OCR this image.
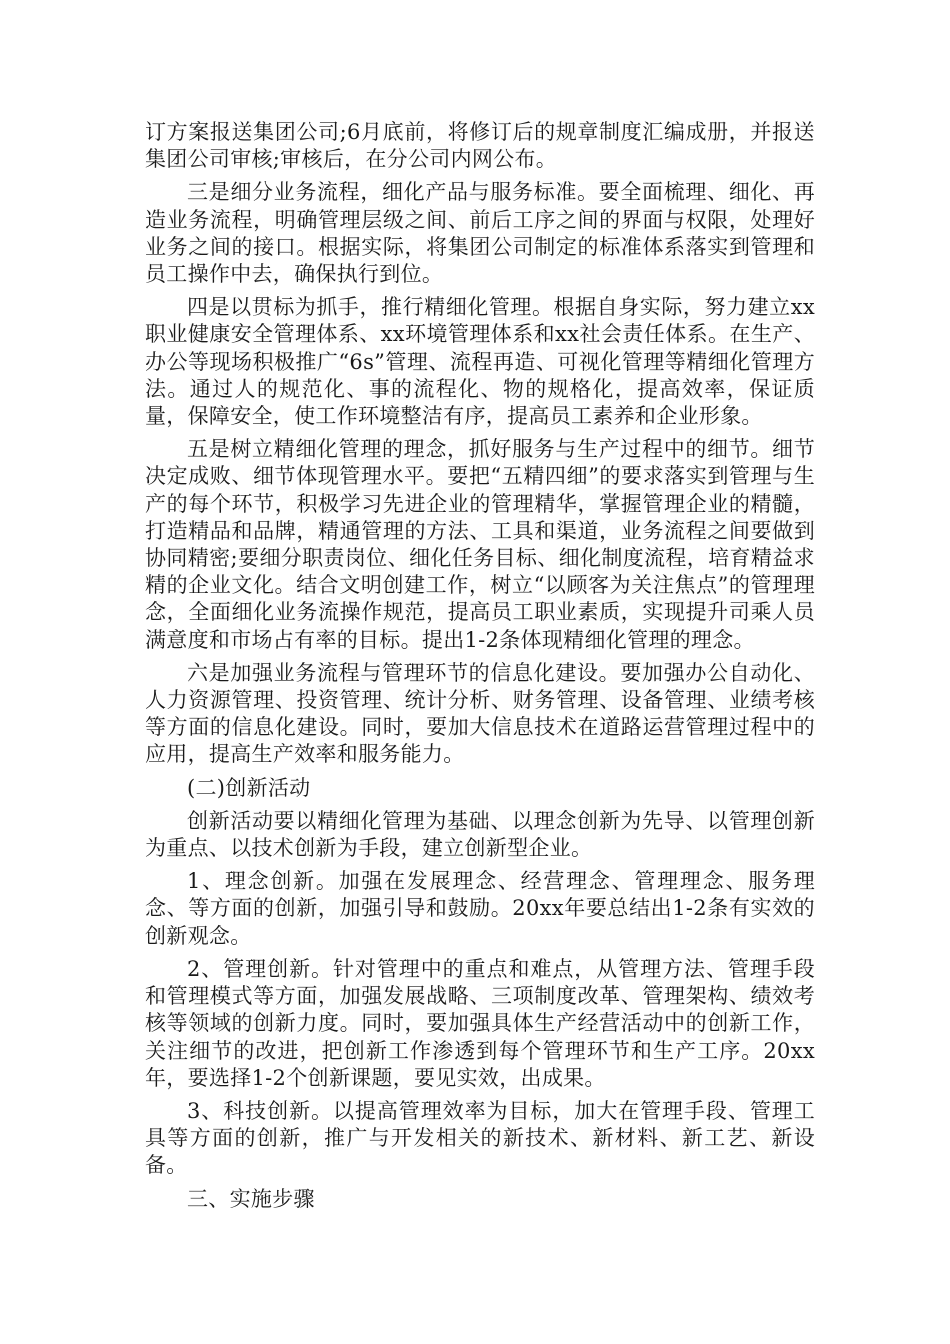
订方案报送集团公司;6月底前，将修订后的规章制度汇编成册，并报送集团公司审核;审核后，在分公司内网公布。

三是细分业务流程，细化产品与服务标准。要全面梳理、细化、再造业务流程，明确管理层级之间、前后工序之间的界面与权限，处理好业务之间的接口。根据实际，将集团公司制定的标准体系落实到管理和员工操作中去，确保执行到位。

四是以贯标为抓手，推行精细化管理。根据自身实际，努力建立xx职业健康安全管理体系、xx环境管理体系和xx社会责任体系。在生产、办公等现场积极推广“6s”管理、流程再造、可视化管理等精细化管理方法。通过人的规范化、事的流程化、物的规格化，提高效率，保证质量，保障安全，使工作环境整洁有序，提高员工素养和企业形象。

五是树立精细化管理的理念，抓好服务与生产过程中的细节。细节决定成败、细节体现管理水平。要把“五精四细”的要求落实到管理与生产的每个环节，积极学习先进企业的管理精华，掌握管理企业的精髓，打造精品和品牌，精通管理的方法、工具和渠道，业务流程之间要做到协同精密;要细分职责岗位、细化任务目标、细化制度流程，培育精益求精的企业文化。结合文明创建工作，树立“以顾客为关注焦点”的管理理念，全面细化业务流操作规范，提高员工职业素质，实现提升司乘人员满意度和市场占有率的目标。提出1-2条体现精细化管理的理念。

六是加强业务流程与管理环节的信息化建设。要加强办公自动化、人力资源管理、投资管理、统计分析、财务管理、设备管理、业绩考核等方面的信息化建设。同时，要加大信息技术在道路运营管理过程中的应用，提高生产效率和服务能力。

(二)创新活动

创新活动要以精细化管理为基础、以理念创新为先导、以管理创新为重点、以技术创新为手段，建立创新型企业。

1、理念创新。加强在发展理念、经营理念、管理理念、服务理念、等方面的创新，加强引导和鼓励。20xx年要总结出1-2条有实效的创新观念。

2、管理创新。针对管理中的重点和难点，从管理方法、管理手段和管理模式等方面，加强发展战略、三项制度改革、管理架构、绩效考核等领域的创新力度。同时，要加强具体生产经营活动中的创新工作，关注细节的改进，把创新工作渗透到每个管理环节和生产工序。20xx年，要选择1-2个创新课题，要见实效，出成果。

3、科技创新。以提高管理效率为目标，加大在管理手段、管理工具等方面的创新，推广与开发相关的新技术、新材料、新工艺、新设备。

三、实施步骤
